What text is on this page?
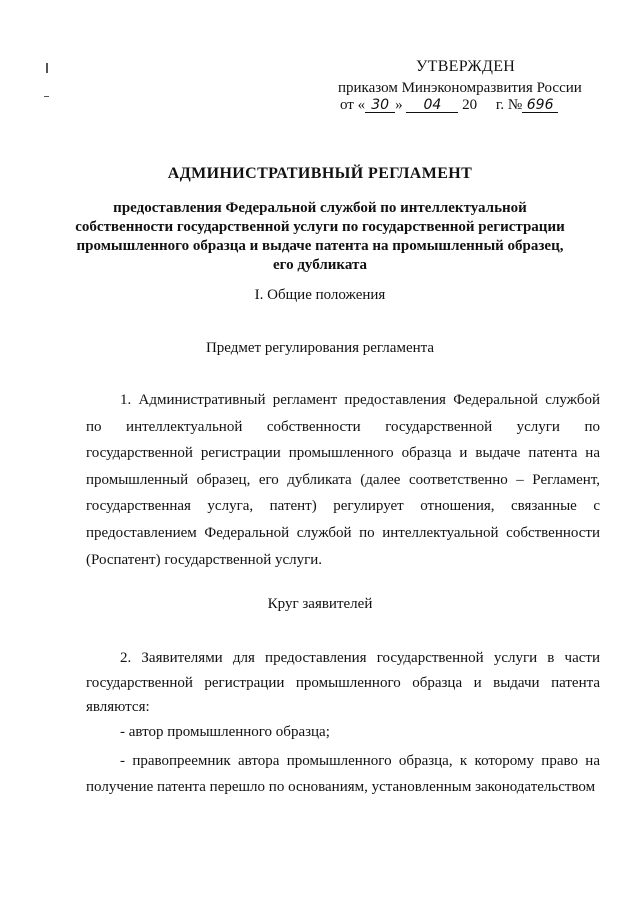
УТВЕРЖДЕН
приказом Минэкономразвития России
от « 30 » 04 20 г. № 696
АДМИНИСТРАТИВНЫЙ РЕГЛАМЕНТ
предоставления Федеральной службой по интеллектуальной
собственности государственной услуги по государственной регистрации
промышленного образца и выдаче патента на промышленный образец,
его дубликата
I. Общие положения
Предмет регулирования регламента

1. Административный регламент предоставления Федеральной службой по интеллектуальной собственности государственной услуги по государственной регистрации промышленного образца и выдаче патента на промышленный образец, его дубликата (далее соответственно – Регламент, государственная услуга, патент) регулирует отношения, связанные с предоставлением Федеральной службой по интеллектуальной собственности (Роспатент) государственной услуги.

Круг заявителей

2. Заявителями для предоставления государственной услуги в части государственной регистрации промышленного образца и выдачи патента являются:

- автор промышленного образца;

- правопреемник автора промышленного образца, к которому право на получение патента перешло по основаниям, установленным законодательством
